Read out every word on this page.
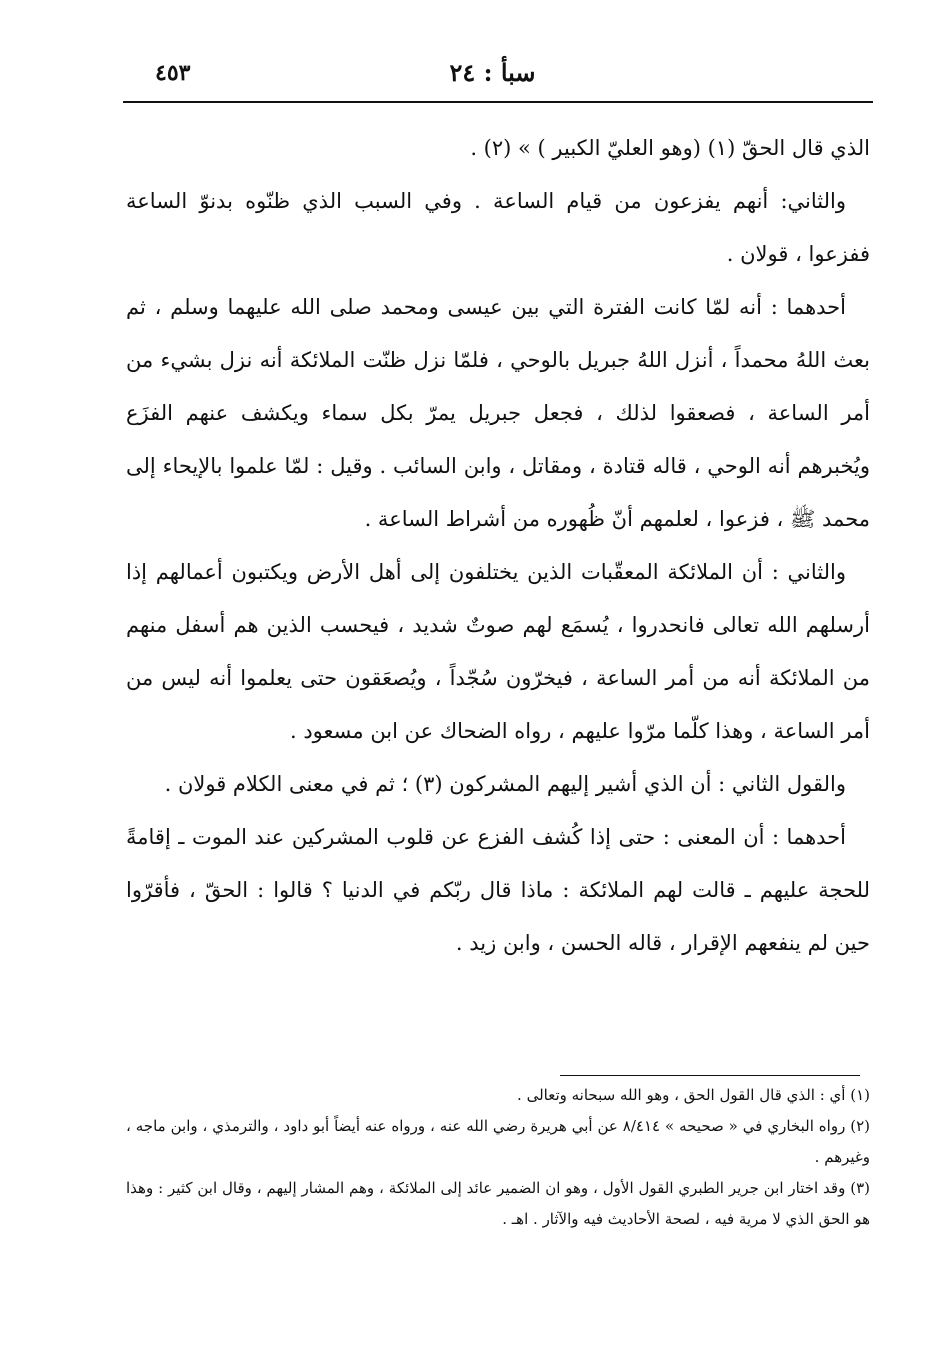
٤٥٣	سبأ : ٢٤

الذي قال الحقّ (١) (وهو العليّ الكبير ) » (٢) .

والثاني: أنهم يفزعون من قيام الساعة . وفي السبب الذي ظنّوه بدنوّ الساعة ففزعوا ، قولان .

أحدهما : أنه لمّا كانت الفترة التي بين عيسى ومحمد صلى الله عليهما وسلم ، ثم بعث اللهُ محمداً ، أنزل اللهُ جبريل بالوحي ، فلمّا نزل ظنّت الملائكة أنه نزل بشيء من أمر الساعة ، فصعقوا لذلك ، فجعل جبريل يمرّ بكل سماء ويكشف عنهم الفزَع ويُخبرهم أنه الوحي ، قاله قتادة ، ومقاتل ، وابن السائب . وقيل : لمّا علموا بالإيحاء إلى محمد ﷺ ، فزعوا ، لعلمهم أنّ ظُهوره من أشراط الساعة .

والثاني : أن الملائكة المعقّبات الذين يختلفون إلى أهل الأرض ويكتبون أعمالهم إذا أرسلهم الله تعالى فانحدروا ، يُسمَع لهم صوتٌ شديد ، فيحسب الذين هم أسفل منهم من الملائكة أنه من أمر الساعة ، فيخرّون سُجّداً ، ويُصعَقون حتى يعلموا أنه ليس من أمر الساعة ، وهذا كلّما مرّوا عليهم ، رواه الضحاك عن ابن مسعود .

والقول الثاني : أن الذي أشير إليهم المشركون (٣) ؛ ثم في معنى الكلام قولان .

أحدهما : أن المعنى : حتى إذا كُشف الفزع عن قلوب المشركين عند الموت ـ إقامةً للحجة عليهم ـ قالت لهم الملائكة : ماذا قال ربّكم في الدنيا ؟ قالوا : الحقّ ، فأقرّوا حين لم ينفعهم الإقرار ، قاله الحسن ، وابن زيد .

(١) أي : الذي قال القول الحق ، وهو الله سبحانه وتعالى .

(٢) رواه البخاري في « صحيحه » ٨/٤١٤ عن أبي هريرة رضي الله عنه ، ورواه عنه أيضاً أبو داود ، والترمذي ، وابن ماجه ، وغيرهم .

(٣) وقد اختار ابن جرير الطبري القول الأول ، وهو ان الضمير عائد إلى الملائكة ، وهم المشار إليهم ، وقال ابن كثير : وهذا هو الحق الذي لا مرية فيه ، لصحة الأحاديث فيه والآثار . اهـ .
